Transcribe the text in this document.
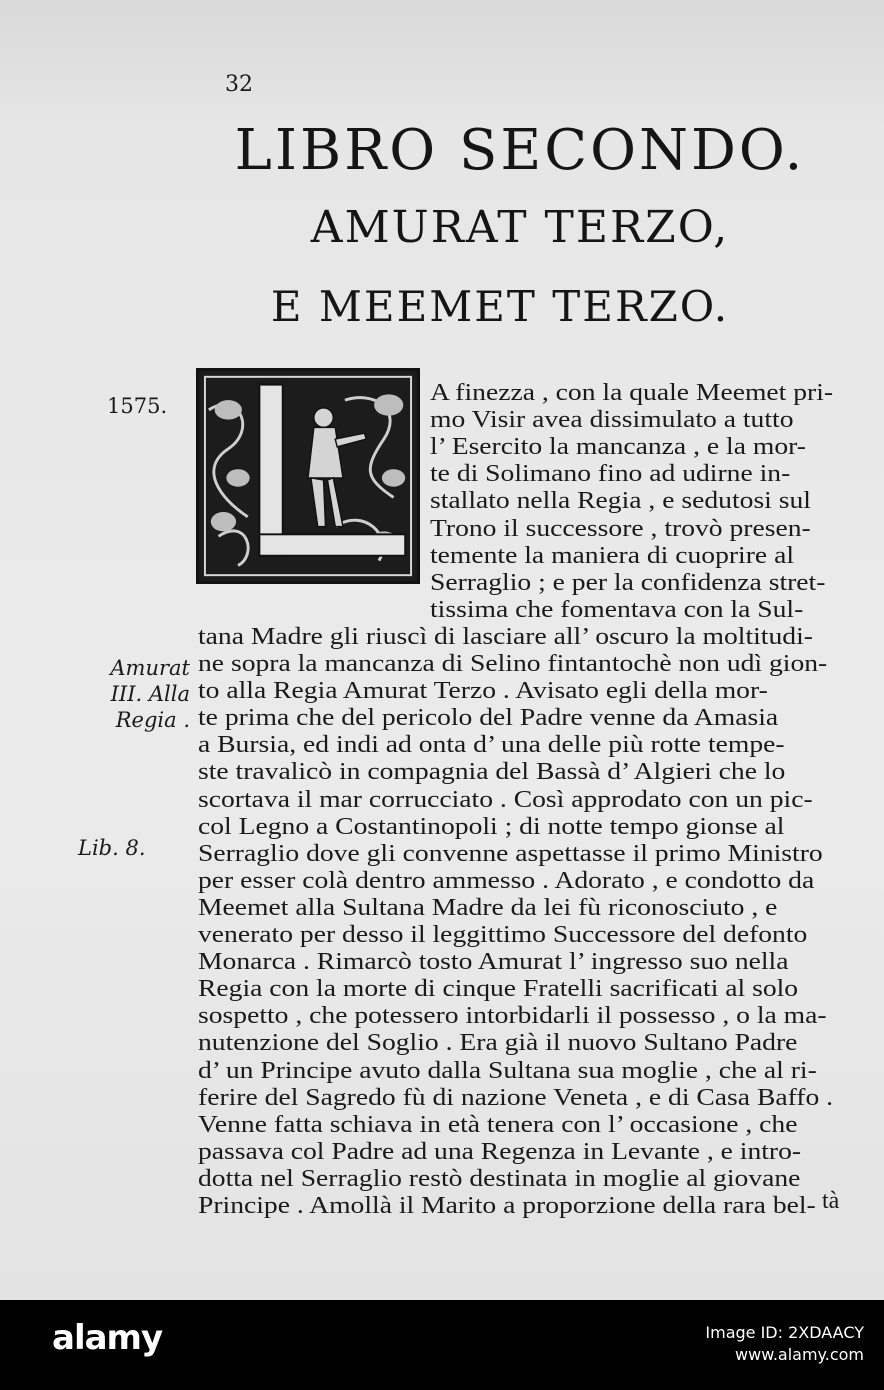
32
LIBRO SECONDO.
AMURAT TERZO,
E MEEMET TERZO.
1575.
Amurat
III. Alla
Regia .
Lib. 8.
A finezza , con la quale Meemet pri-
mo Visir avea dissimulato a tutto
l’ Esercito la mancanza , e la mor-
te di Solimano fino ad udirne in-
stallato nella Regia , e sedutosi sul
Trono il successore , trovò presen-
temente la maniera di cuoprire al
Serraglio ; e per la confidenza stret-
tissima che fomentava con la Sul-
tana Madre gli riuscì di lasciare all’ oscuro la moltitudi-
ne sopra la mancanza di Selino fintantochè non udì gion-
to alla Regia Amurat Terzo . Avisato egli della mor-
te prima che del pericolo del Padre venne da Amasia
a Bursia, ed indi ad onta d’ una delle più rotte tempe-
ste travalicò in compagnia del Bassà d’ Algieri che lo
scortava il mar corrucciato . Così approdato con un pic-
col Legno a Costantinopoli ; di notte tempo gionse al
Serraglio dove gli convenne aspettasse il primo Ministro
per esser colà dentro ammesso . Adorato , e condotto da
Meemet alla Sultana Madre da lei fù riconosciuto , e
venerato per desso il leggittimo Successore del defonto
Monarca . Rimarcò tosto Amurat l’ ingresso suo nella
Regia con la morte di cinque Fratelli sacrificati al solo
sospetto , che potessero intorbidarli il possesso , o la ma-
nutenzione del Soglio . Era già il nuovo Sultano Padre
d’ un Principe avuto dalla Sultana sua moglie , che al ri-
ferire del Sagredo fù di nazione Veneta , e di Casa Baffo .
Venne fatta schiava in età tenera con l’ occasione , che
passava col Padre ad una Regenza in Levante , e intro-
dotta nel Serraglio restò destinata in moglie al giovane
Principe . Amollà il Marito a proporzione della rara bel- tà
alamy	Image ID: 2XDAACY
www.alamy.com
